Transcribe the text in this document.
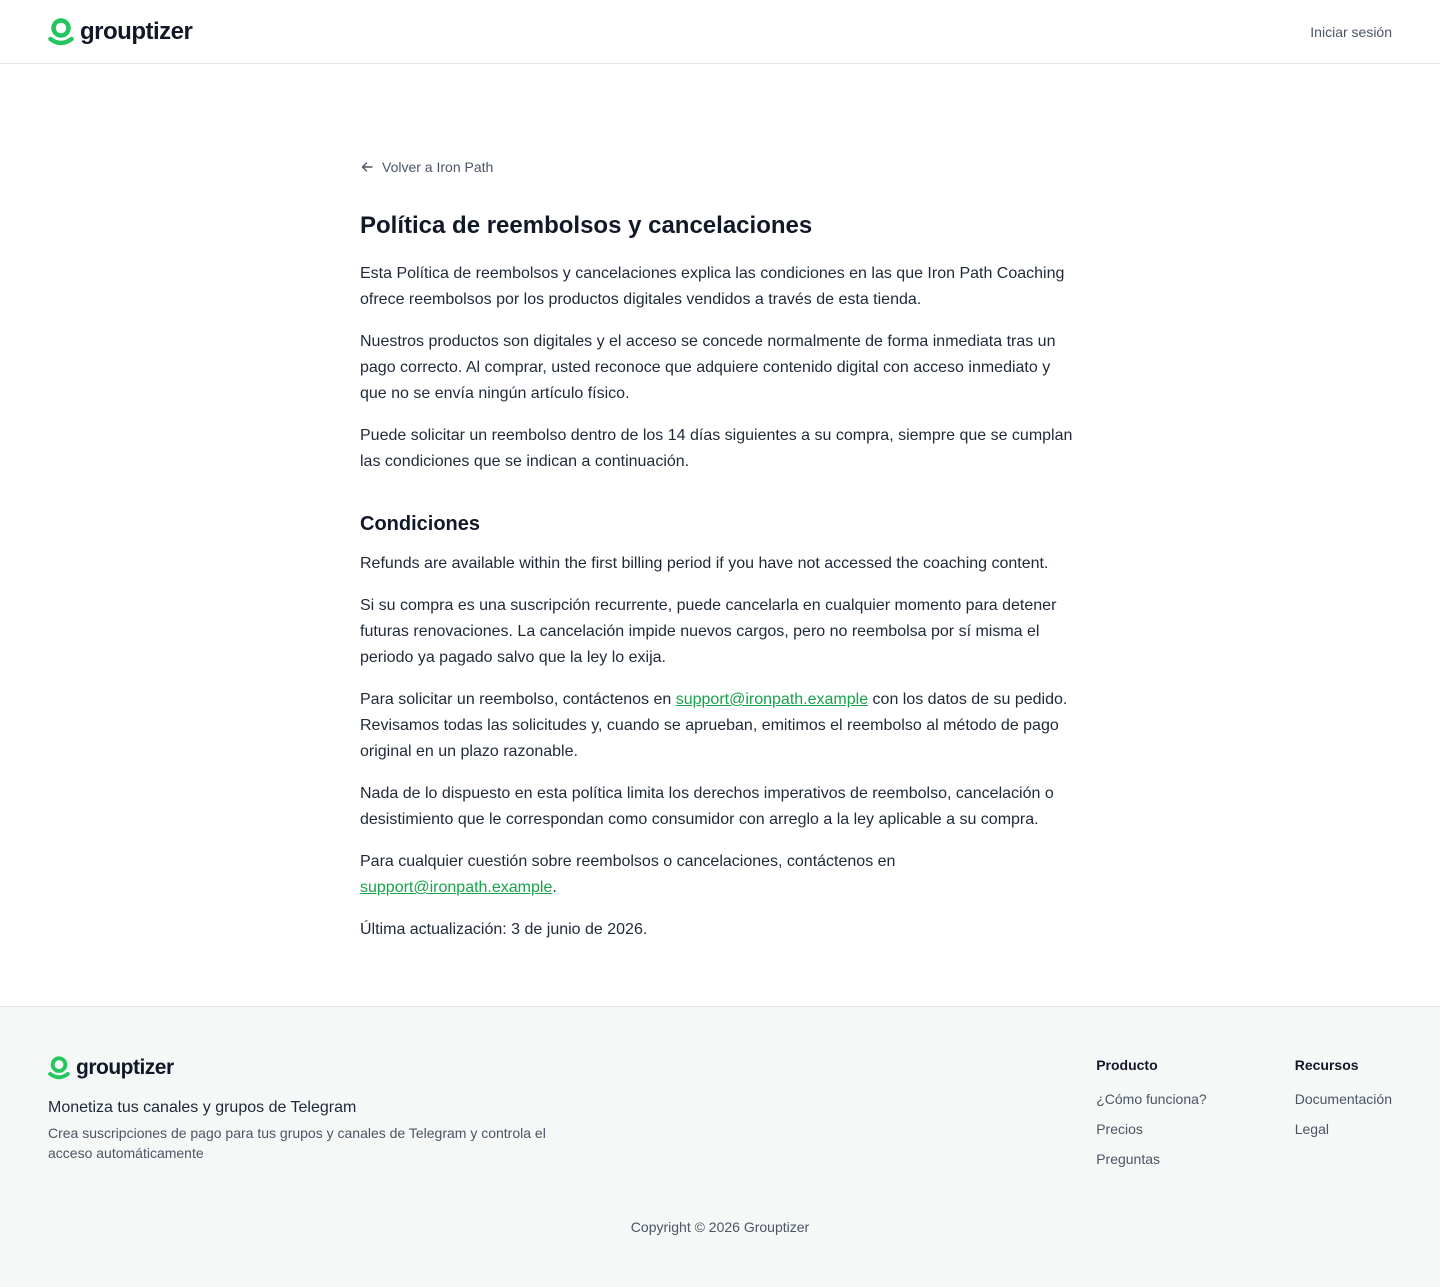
grouptizer	Iniciar sesión
Volver a Iron Path
Política de reembolsos y cancelaciones

Esta Política de reembolsos y cancelaciones explica las condiciones en las que Iron Path Coaching ofrece reembolsos por los productos digitales vendidos a través de esta tienda.

Nuestros productos son digitales y el acceso se concede normalmente de forma inmediata tras un pago correcto. Al comprar, usted reconoce que adquiere contenido digital con acceso inmediato y que no se envía ningún artículo físico.

Puede solicitar un reembolso dentro de los 14 días siguientes a su compra, siempre que se cumplan las condiciones que se indican a continuación.

Condiciones

Refunds are available within the first billing period if you have not accessed the coaching content.

Si su compra es una suscripción recurrente, puede cancelarla en cualquier momento para detener futuras renovaciones. La cancelación impide nuevos cargos, pero no reembolsa por sí misma el periodo ya pagado salvo que la ley lo exija.

Para solicitar un reembolso, contáctenos en support@ironpath.example con los datos de su pedido. Revisamos todas las solicitudes y, cuando se aprueban, emitimos el reembolso al método de pago original en un plazo razonable.

Nada de lo dispuesto en esta política limita los derechos imperativos de reembolso, cancelación o desistimiento que le correspondan como consumidor con arreglo a la ley aplicable a su compra.

Para cualquier cuestión sobre reembolsos o cancelaciones, contáctenos en
support@ironpath.example.

Última actualización: 3 de junio de 2026.

grouptizer
Monetiza tus canales y grupos de Telegram
Crea suscripciones de pago para tus grupos y canales de Telegram y controla el acceso automáticamente
Producto
¿Cómo funciona?
Precios
Preguntas
Recursos
Documentación
Legal
Copyright © 2026 Grouptizer
